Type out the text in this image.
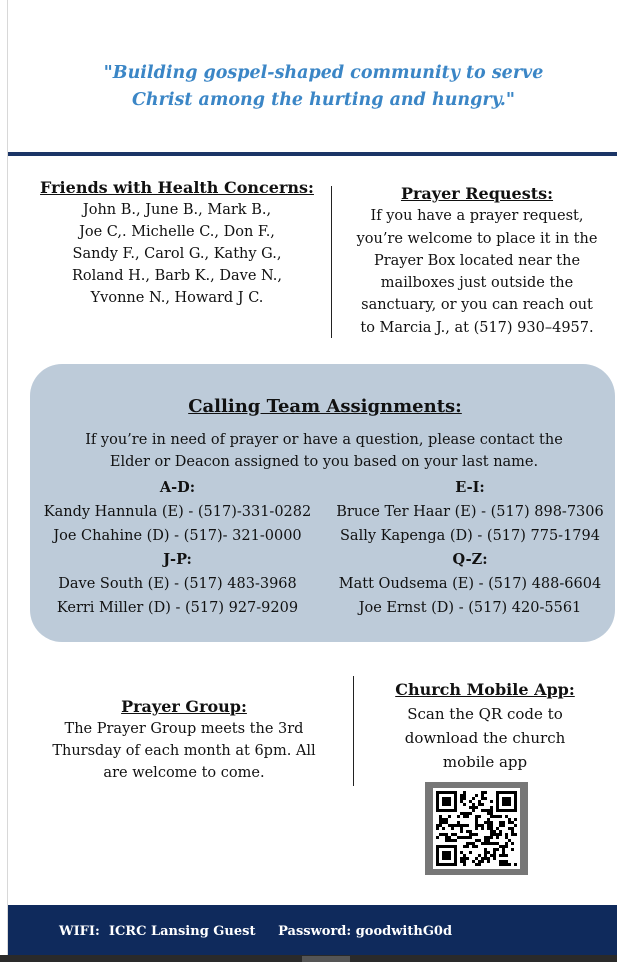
"Building gospel-shaped community to serve
Christ among the hurting and hungry."
Friends with Health Concerns:
John B., June B., Mark B.,
Joe C,. Michelle C., Don F.,
Sandy F., Carol G., Kathy G.,
Roland H., Barb K., Dave N.,
Yvonne N., Howard J C.
Prayer Requests:
If you have a prayer request,
you’re welcome to place it in the
Prayer Box located near the
mailboxes just outside the
sanctuary, or you can reach out
to Marcia J., at (517) 930–4957.
Calling Team Assignments:
If you’re in need of prayer or have a question, please contact the
Elder or Deacon assigned to you based on your last name.
A-D:
Kandy Hannula (E) - (517)-331-0282
Joe Chahine (D) - (517)- 321-0000
J-P:
Dave South (E) - (517) 483-3968
Kerri Miller (D) - (517) 927-9209
E-I:
Bruce Ter Haar (E) - (517) 898-7306
Sally Kapenga (D) - (517) 775-1794
Q-Z:
Matt Oudsema (E) - (517) 488-6604
Joe Ernst (D) - (517) 420-5561
Prayer Group:
The Prayer Group meets the 3rd
Thursday of each month at 6pm. All
are welcome to come.
Church Mobile App:
Scan the QR code to
download the church
mobile app
WIFI: ICRC Lansing Guest Password: goodwithG0d
